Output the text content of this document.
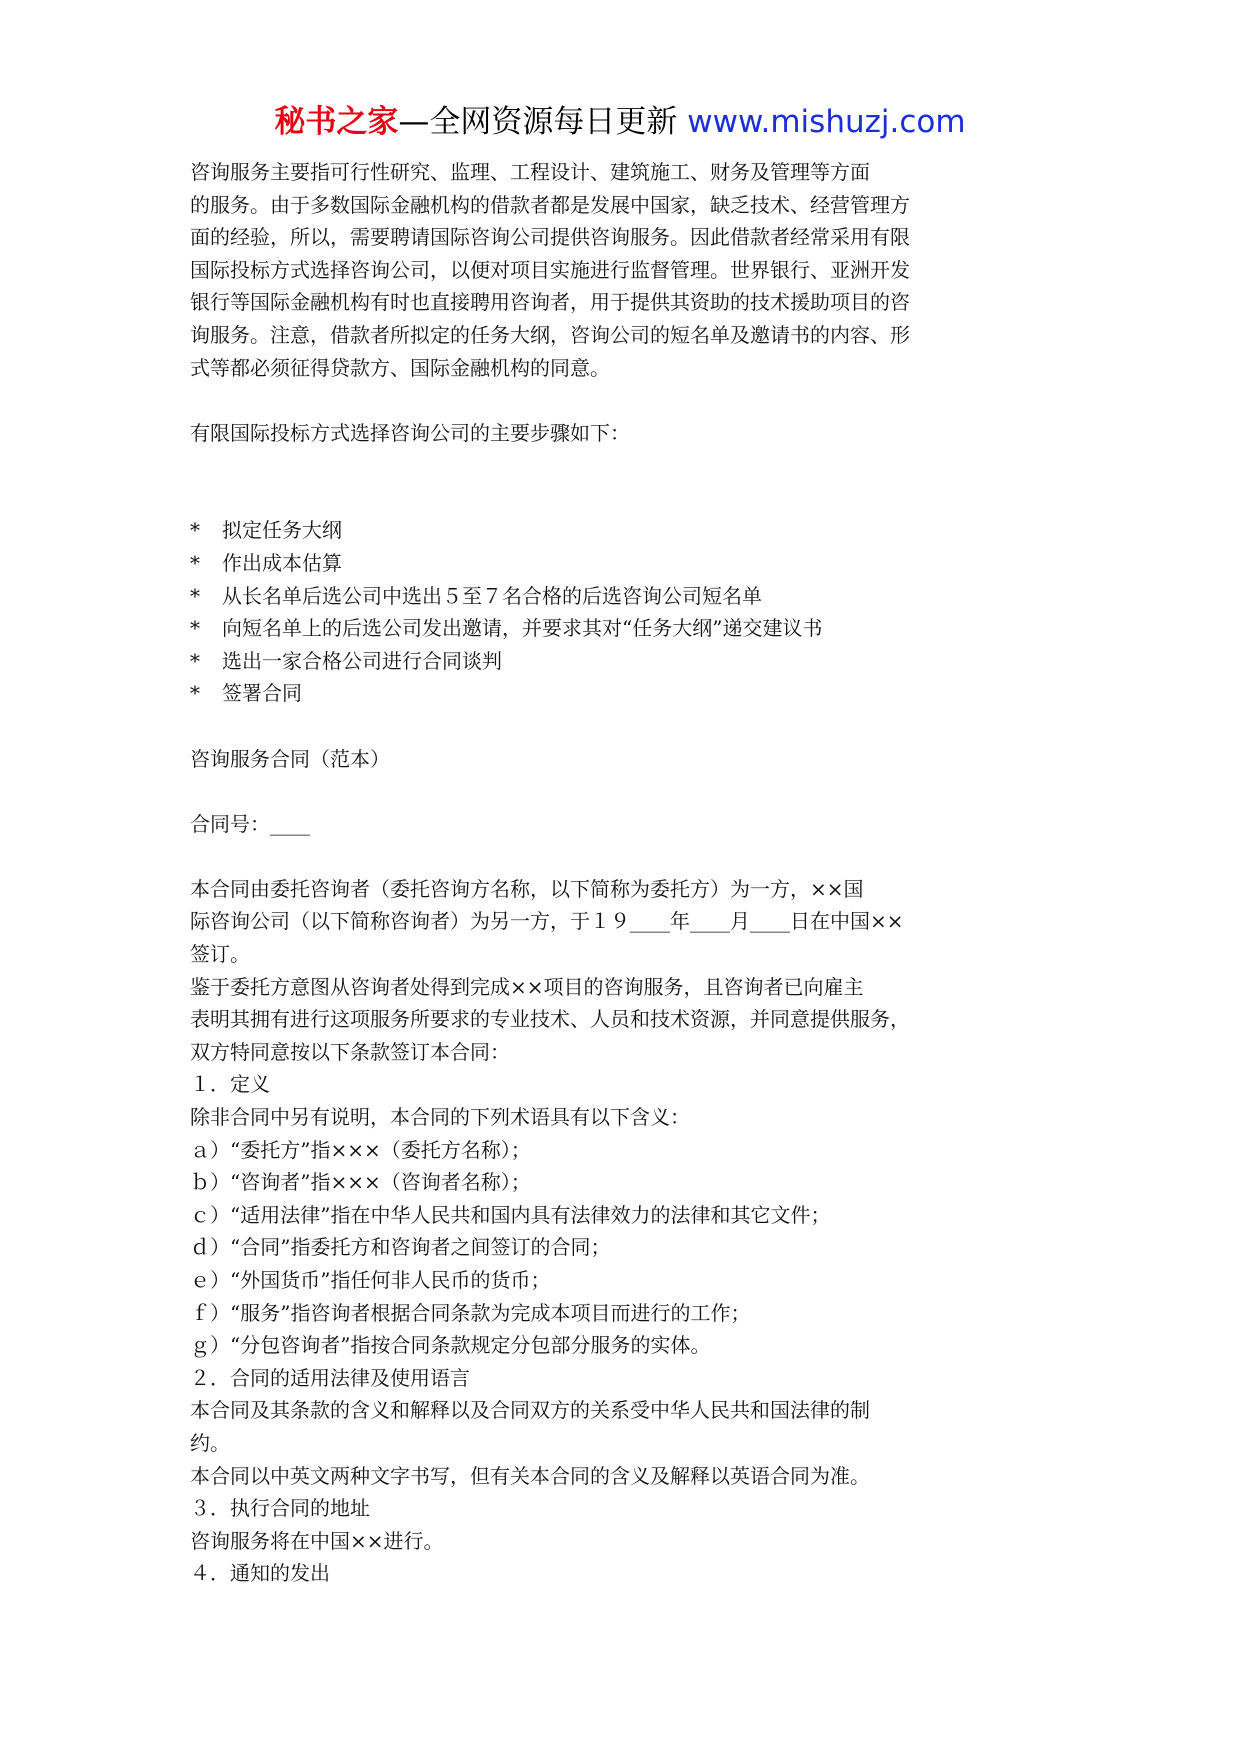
秘书之家—全网资源每日更新 www.mishuzj.com
咨询服务主要指可行性研究、监理、工程设计、建筑施工、财务及管理等方面
的服务。由于多数国际金融机构的借款者都是发展中国家，缺乏技术、经营管理方
面的经验，所以，需要聘请国际咨询公司提供咨询服务。因此借款者经常采用有限
国际投标方式选择咨询公司，以便对项目实施进行监督管理。世界银行、亚洲开发
银行等国际金融机构有时也直接聘用咨询者，用于提供其资助的技术援助项目的咨
询服务。注意，借款者所拟定的任务大纲，咨询公司的短名单及邀请书的内容、形
式等都必须征得贷款方、国际金融机构的同意。
有限国际投标方式选择咨询公司的主要步骤如下：
* 拟定任务大纲
* 作出成本估算
* 从长名单后选公司中选出５至７名合格的后选咨询公司短名单
* 向短名单上的后选公司发出邀请，并要求其对“任务大纲”递交建议书
* 选出一家合格公司进行合同谈判
* 签署合同
咨询服务合同（范本）
合同号：____
本合同由委托咨询者（委托咨询方名称，以下简称为委托方）为一方，××国
际咨询公司（以下简称咨询者）为另一方，于１９____年____月____日在中国××
签订。
鉴于委托方意图从咨询者处得到完成××项目的咨询服务，且咨询者已向雇主
表明其拥有进行这项服务所要求的专业技术、人员和技术资源，并同意提供服务，
双方特同意按以下条款签订本合同：
１．定义
除非合同中另有说明，本合同的下列术语具有以下含义：
ａ）“委托方”指×××（委托方名称）；
ｂ）“咨询者”指×××（咨询者名称）；
ｃ）“适用法律”指在中华人民共和国内具有法律效力的法律和其它文件；
ｄ）“合同”指委托方和咨询者之间签订的合同；
ｅ）“外国货币”指任何非人民币的货币；
ｆ）“服务”指咨询者根据合同条款为完成本项目而进行的工作；
ｇ）“分包咨询者”指按合同条款规定分包部分服务的实体。
２．合同的适用法律及使用语言
本合同及其条款的含义和解释以及合同双方的关系受中华人民共和国法律的制
约。
本合同以中英文两种文字书写，但有关本合同的含义及解释以英语合同为准。
３．执行合同的地址
咨询服务将在中国××进行。
４．通知的发出
